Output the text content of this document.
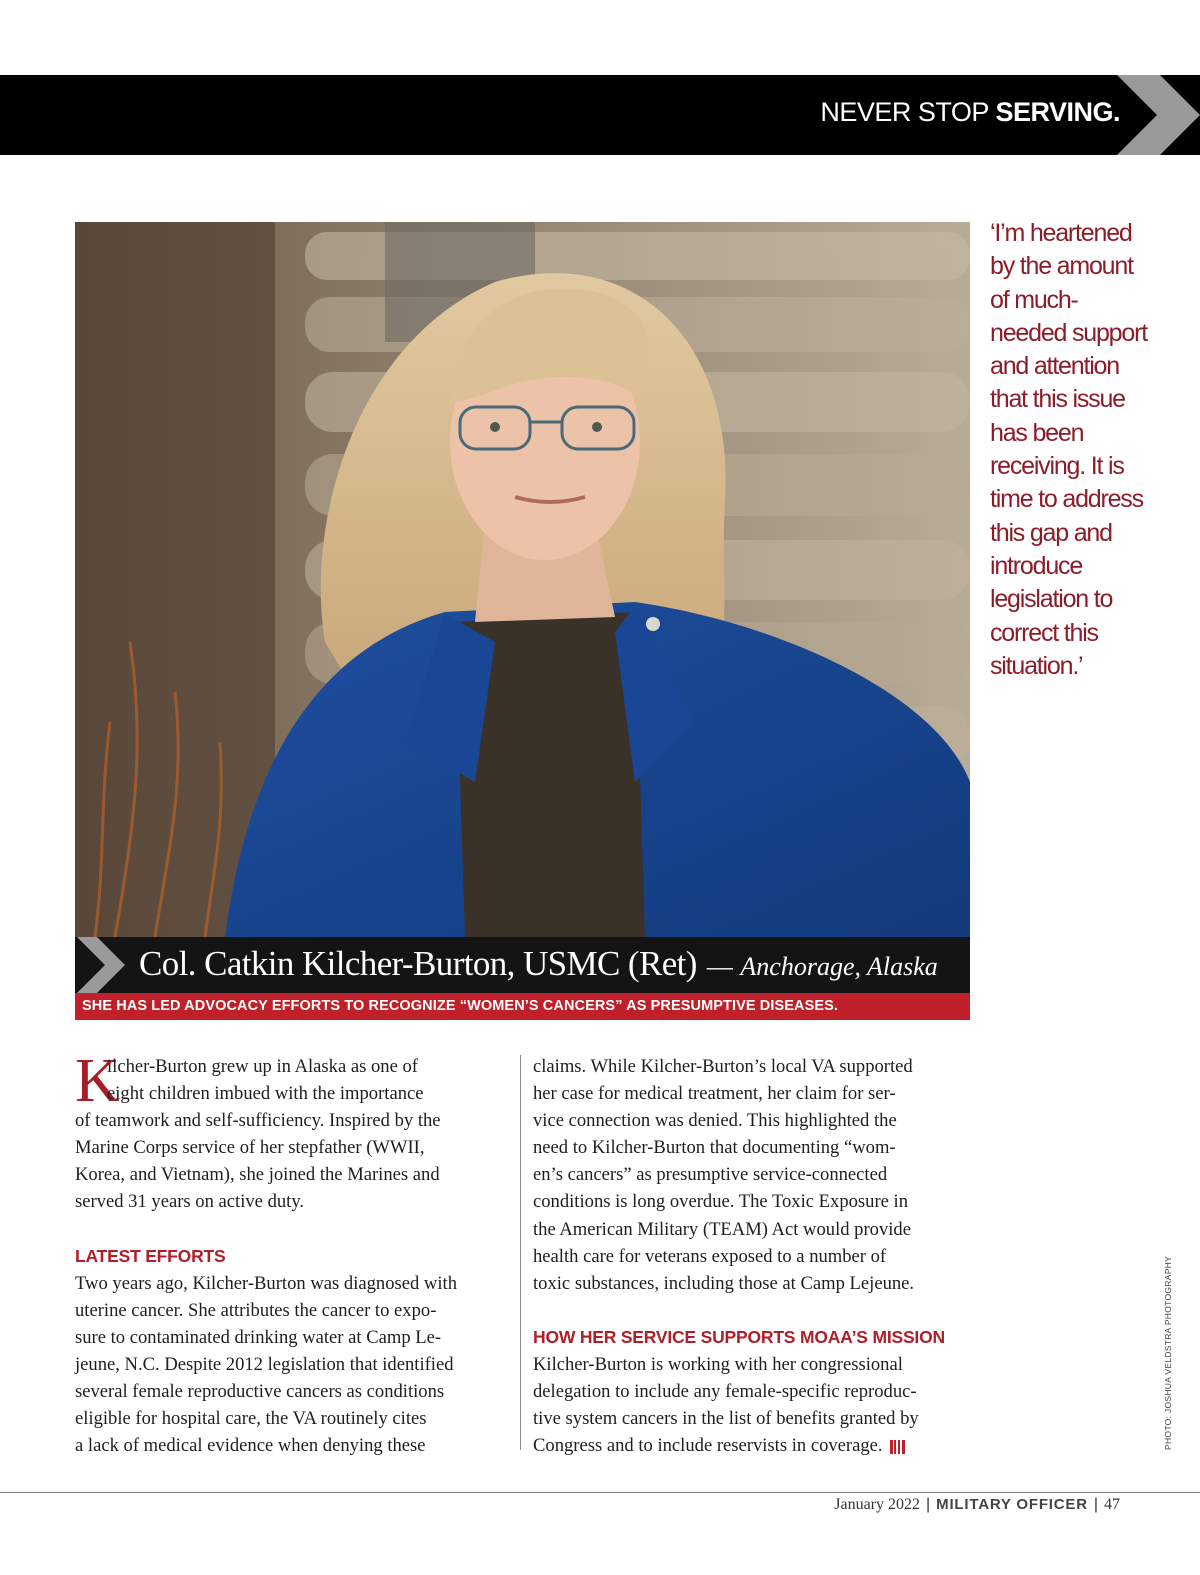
NEVER STOP SERVING.
Col. Catkin Kilcher-Burton, USMC (Ret) — Anchorage, Alaska
SHE HAS LED ADVOCACY EFFORTS TO RECOGNIZE “WOMEN’S CANCERS” AS PRESUMPTIVE DISEASES.
‘I’m heartened
by the amount
of much-
needed support
and attention
that this issue
has been
receiving. It is
time to address
this gap and
introduce
legislation to
correct this
situation.’
K
ilcher-Burton grew up in Alaska as one of
eight children imbued with the importance
of teamwork and self-sufficiency. Inspired by the
Marine Corps service of her stepfather (WWII,
Korea, and Vietnam), she joined the Marines and
served 31 years on active duty.
LATEST EFFORTS
Two years ago, Kilcher-Burton was diagnosed with
uterine cancer. She attributes the cancer to expo-
sure to contaminated drinking water at Camp Le-
jeune, N.C. Despite 2012 legislation that identified
several female reproductive cancers as conditions
eligible for hospital care, the VA routinely cites
a lack of medical evidence when denying these
claims. While Kilcher-Burton’s local VA supported
her case for medical treatment, her claim for ser-
vice connection was denied. This highlighted the
need to Kilcher-Burton that documenting “wom-
en’s cancers” as presumptive service-connected
conditions is long overdue. The Toxic Exposure in
the American Military (TEAM) Act would provide
health care for veterans exposed to a number of
toxic substances, including those at Camp Lejeune.
HOW HER SERVICE SUPPORTS MOAA’S MISSION
Kilcher-Burton is working with her congressional
delegation to include any female-specific reproduc-
tive system cancers in the list of benefits granted by
Congress and to include reservists in coverage.	PHOTO: JOSHUA VELDSTRA PHOTOGRAPHY
January 2022 | MILITARY OFFICER | 47
